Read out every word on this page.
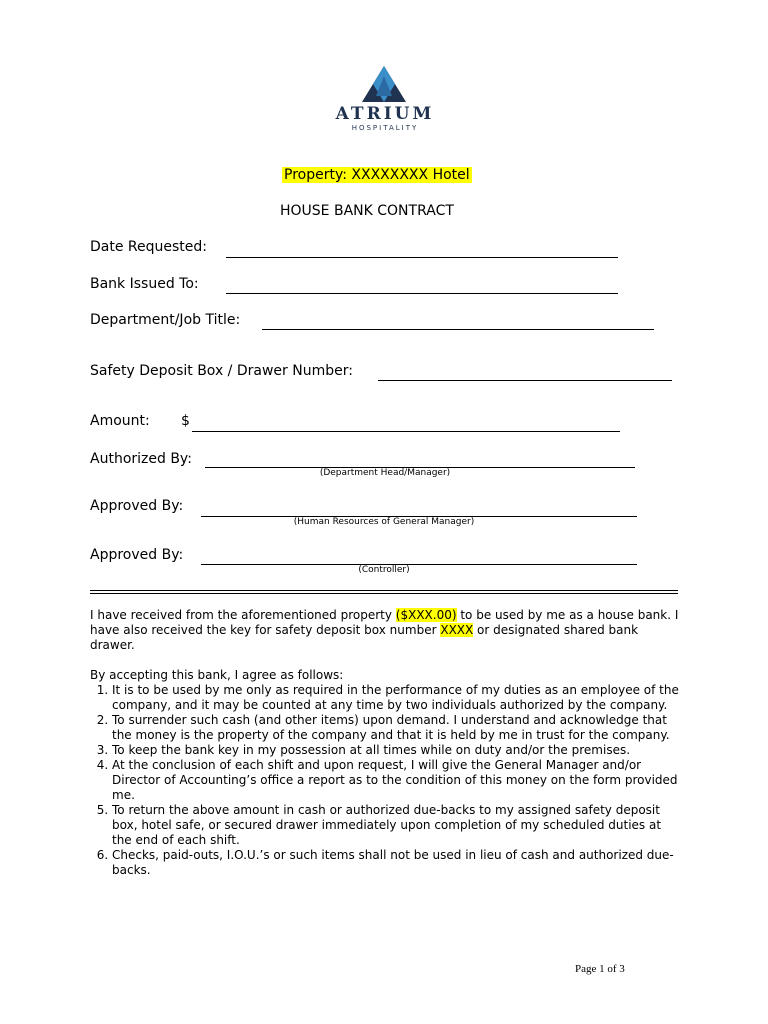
ATRIUM
HOSPITALITY
Property: XXXXXXXX Hotel
HOUSE BANK CONTRACT
Date Requested:
Bank Issued To:
Department/Job Title:
Safety Deposit Box / Drawer Number:
Amount: $
Authorized By:
(Department Head/Manager)
Approved By:
(Human Resources of General Manager)
Approved By:
(Controller)
I have received from the aforementioned property ($XXX.00) to be used by me as a house bank. I have also received the key for safety deposit box number XXXX or designated shared bank drawer.
By accepting this bank, I agree as follows:
1. It is to be used by me only as required in the performance of my duties as an employee of the company, and it may be counted at any time by two individuals authorized by the company.
2. To surrender such cash (and other items) upon demand. I understand and acknowledge that the money is the property of the company and that it is held by me in trust for the company.
3. To keep the bank key in my possession at all times while on duty and/or the premises.
4. At the conclusion of each shift and upon request, I will give the General Manager and/or Director of Accounting’s office a report as to the condition of this money on the form provided me.
5. To return the above amount in cash or authorized due-backs to my assigned safety deposit box, hotel safe, or secured drawer immediately upon completion of my scheduled duties at the end of each shift.
6. Checks, paid-outs, I.O.U.’s or such items shall not be used in lieu of cash and authorized due-backs.
Page 1 of 3
